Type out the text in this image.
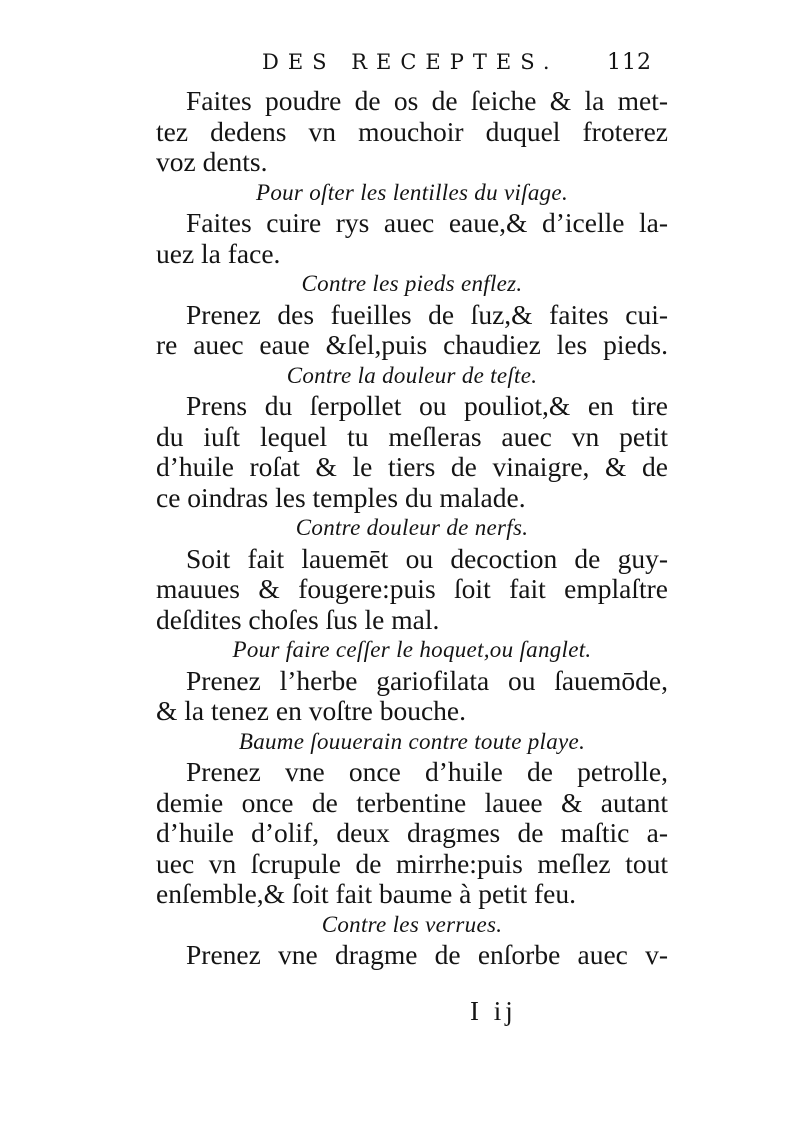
DES RECEPTES. 112
Faites poudre de os de ſeiche & la met-
tez dedens vn mouchoir duquel froterez
voz dents.
Pour oſter les lentilles du viſage.
Faites cuire rys auec eaue,& d’icelle la-
uez la face.
Contre les pieds enflez.
Prenez des fueilles de ſuz,& faites cui-
re auec eaue &ſel,puis chaudiez les pieds.
Contre la douleur de teſte.
Prens du ſerpollet ou pouliot,& en tire
du iuſt lequel tu meſleras auec vn petit
d’huile roſat & le tiers de vinaigre, & de
ce oindras les temples du malade.
Contre douleur de nerfs.
Soit fait lauemēt ou decoction de guy-
mauues & fougere:puis ſoit fait emplaſtre
deſdites choſes ſus le mal.
Pour faire ceſſer le hoquet,ou ſanglet.
Prenez l’herbe gariofilata ou ſauemōde,
& la tenez en voſtre bouche.
Baume ſouuerain contre toute playe.
Prenez vne once d’huile de petrolle,
demie once de terbentine lauee & autant
d’huile d’olif, deux dragmes de maſtic a-
uec vn ſcrupule de mirrhe:puis meſlez tout
enſemble,& ſoit fait baume à petit feu.
Contre les verrues.
Prenez vne dragme de enſorbe auec v-
I ij
